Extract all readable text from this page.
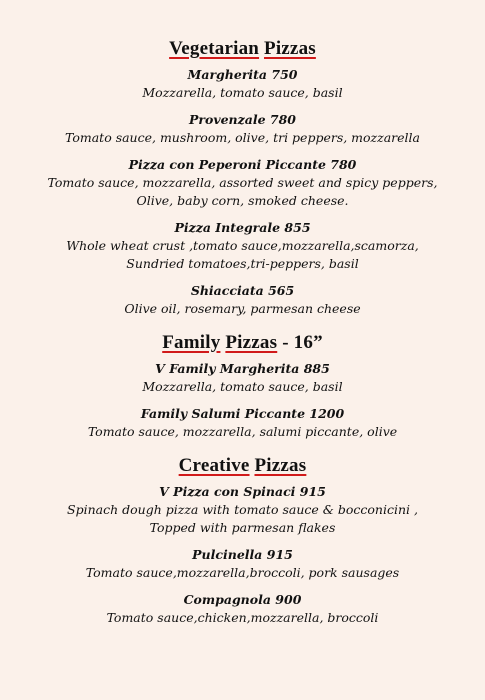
Vegetarian Pizzas
Margherita 750
Mozzarella, tomato sauce, basil
Provenzale 780
Tomato sauce, mushroom, olive, tri peppers, mozzarella
Pizza con Peperoni Piccante 780
Tomato sauce, mozzarella, assorted sweet and spicy peppers,
Olive, baby corn, smoked cheese.
Pizza Integrale 855
Whole wheat crust ,tomato sauce,mozzarella,scamorza,
Sundried tomatoes,tri-peppers, basil
Shiacciata 565
Olive oil, rosemary, parmesan cheese
Family Pizzas - 16”
V Family Margherita 885
Mozzarella, tomato sauce, basil
Family Salumi Piccante 1200
Tomato sauce, mozzarella, salumi piccante, olive
Creative Pizzas
V Pizza con Spinaci 915
Spinach dough pizza with tomato sauce & bocconicini ,
Topped with parmesan flakes
Pulcinella 915
Tomato sauce,mozzarella,broccoli, pork sausages
Compagnola 900
Tomato sauce,chicken,mozzarella, broccoli
